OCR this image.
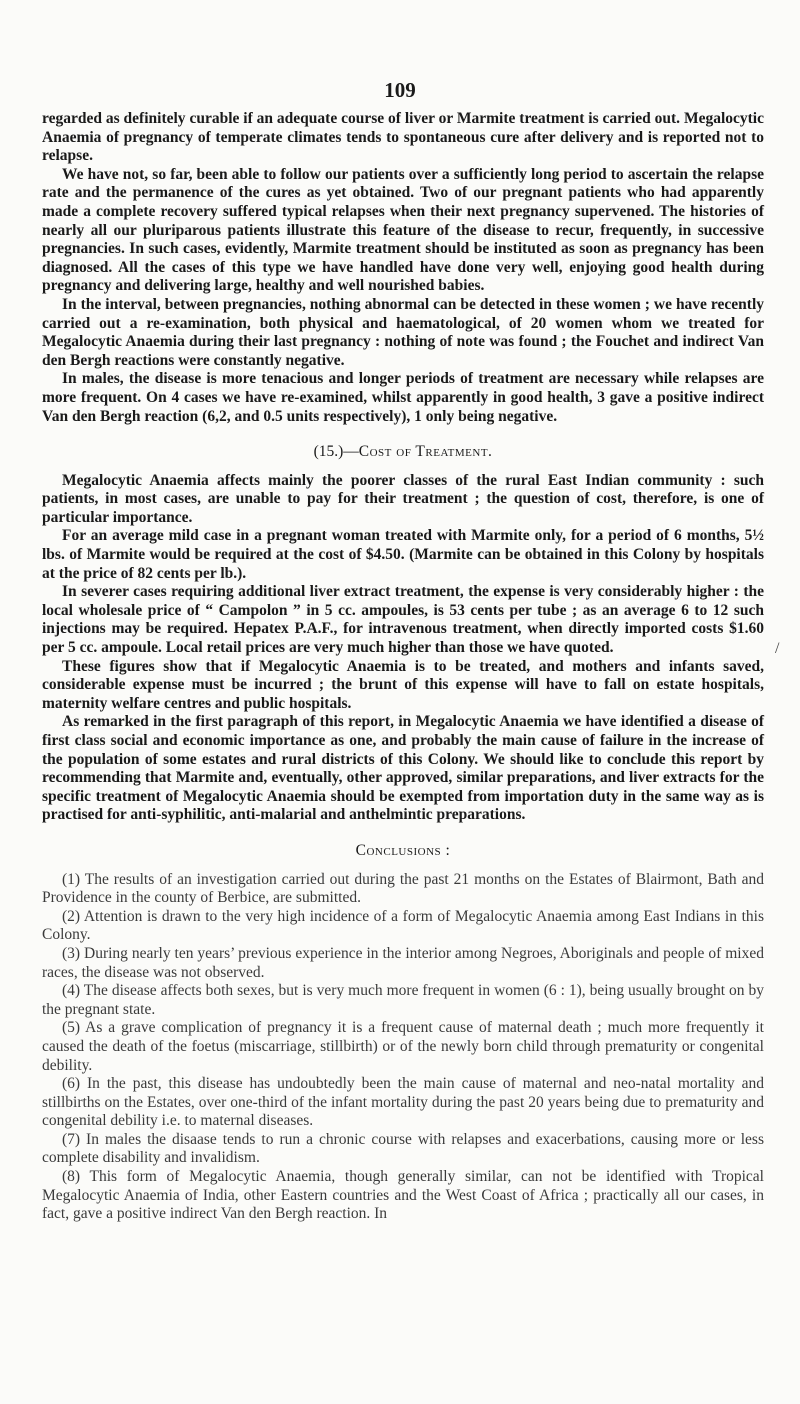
109

regarded as definitely curable if an adequate course of liver or Marmite treatment is carried out. Megalocytic Anaemia of pregnancy of temperate climates tends to spontaneous cure after delivery and is reported not to relapse.

We have not, so far, been able to follow our patients over a sufficiently long period to ascertain the relapse rate and the permanence of the cures as yet obtained. Two of our pregnant patients who had apparently made a complete recovery suffered typical relapses when their next pregnancy supervened. The histories of nearly all our pluriparous patients illustrate this feature of the disease to recur, frequently, in successive pregnancies. In such cases, evidently, Marmite treatment should be instituted as soon as pregnancy has been diagnosed. All the cases of this type we have handled have done very well, enjoying good health during pregnancy and delivering large, healthy and well nourished babies.

In the interval, between pregnancies, nothing abnormal can be detected in these women ; we have recently carried out a re-examination, both physical and haematological, of 20 women whom we treated for Megalocytic Anaemia during their last pregnancy : nothing of note was found ; the Fouchet and indirect Van den Bergh reactions were constantly negative.

In males, the disease is more tenacious and longer periods of treatment are necessary while relapses are more frequent. On 4 cases we have re-examined, whilst apparently in good health, 3 gave a positive indirect Van den Bergh reaction (6,2, and 0.5 units respectively), 1 only being negative.

(15.)—Cost of Treatment.

Megalocytic Anaemia affects mainly the poorer classes of the rural East Indian community : such patients, in most cases, are unable to pay for their treatment ; the question of cost, therefore, is one of particular importance.

For an average mild case in a pregnant woman treated with Marmite only, for a period of 6 months, 5½ lbs. of Marmite would be required at the cost of $4.50. (Marmite can be obtained in this Colony by hospitals at the price of 82 cents per lb.).

In severer cases requiring additional liver extract treatment, the expense is very considerably higher : the local wholesale price of “ Campolon ” in 5 cc. ampoules, is 53 cents per tube ; as an average 6 to 12 such injections may be required. Hepatex P.A.F., for intravenous treatment, when directly imported costs $1.60 per 5 cc. ampoule. Local retail prices are very much higher than those we have quoted.

These figures show that if Megalocytic Anaemia is to be treated, and mothers and infants saved, considerable expense must be incurred ; the brunt of this expense will have to fall on estate hospitals, maternity welfare centres and public hospitals.

As remarked in the first paragraph of this report, in Megalocytic Anaemia we have identified a disease of first class social and economic importance as one, and probably the main cause of failure in the increase of the population of some estates and rural districts of this Colony. We should like to conclude this report by recommending that Marmite and, eventually, other approved, similar preparations, and liver extracts for the specific treatment of Megalocytic Anaemia should be exempted from importation duty in the same way as is practised for anti-syphilitic, anti-malarial and anthelmintic preparations.

Conclusions :

(1) The results of an investigation carried out during the past 21 months on the Estates of Blairmont, Bath and Providence in the county of Berbice, are submitted.

(2) Attention is drawn to the very high incidence of a form of Megalocytic Anaemia among East Indians in this Colony.

(3) During nearly ten years’ previous experience in the interior among Negroes, Aboriginals and people of mixed races, the disease was not observed.

(4) The disease affects both sexes, but is very much more frequent in women (6 : 1), being usually brought on by the pregnant state.

(5) As a grave complication of pregnancy it is a frequent cause of maternal death ; much more frequently it caused the death of the foetus (miscarriage, stillbirth) or of the newly born child through prematurity or congenital debility.

(6) In the past, this disease has undoubtedly been the main cause of maternal and neo-natal mortality and stillbirths on the Estates, over one-third of the infant mortality during the past 20 years being due to prematurity and congenital debility i.e. to maternal diseases.

(7) In males the disaase tends to run a chronic course with relapses and exacerbations, causing more or less complete disability and invalidism.

(8) This form of Megalocytic Anaemia, though generally similar, can not be identified with Tropical Megalocytic Anaemia of India, other Eastern countries and the West Coast of Africa ; practically all our cases, in fact, gave a positive indirect Van den Bergh reaction. In

/
